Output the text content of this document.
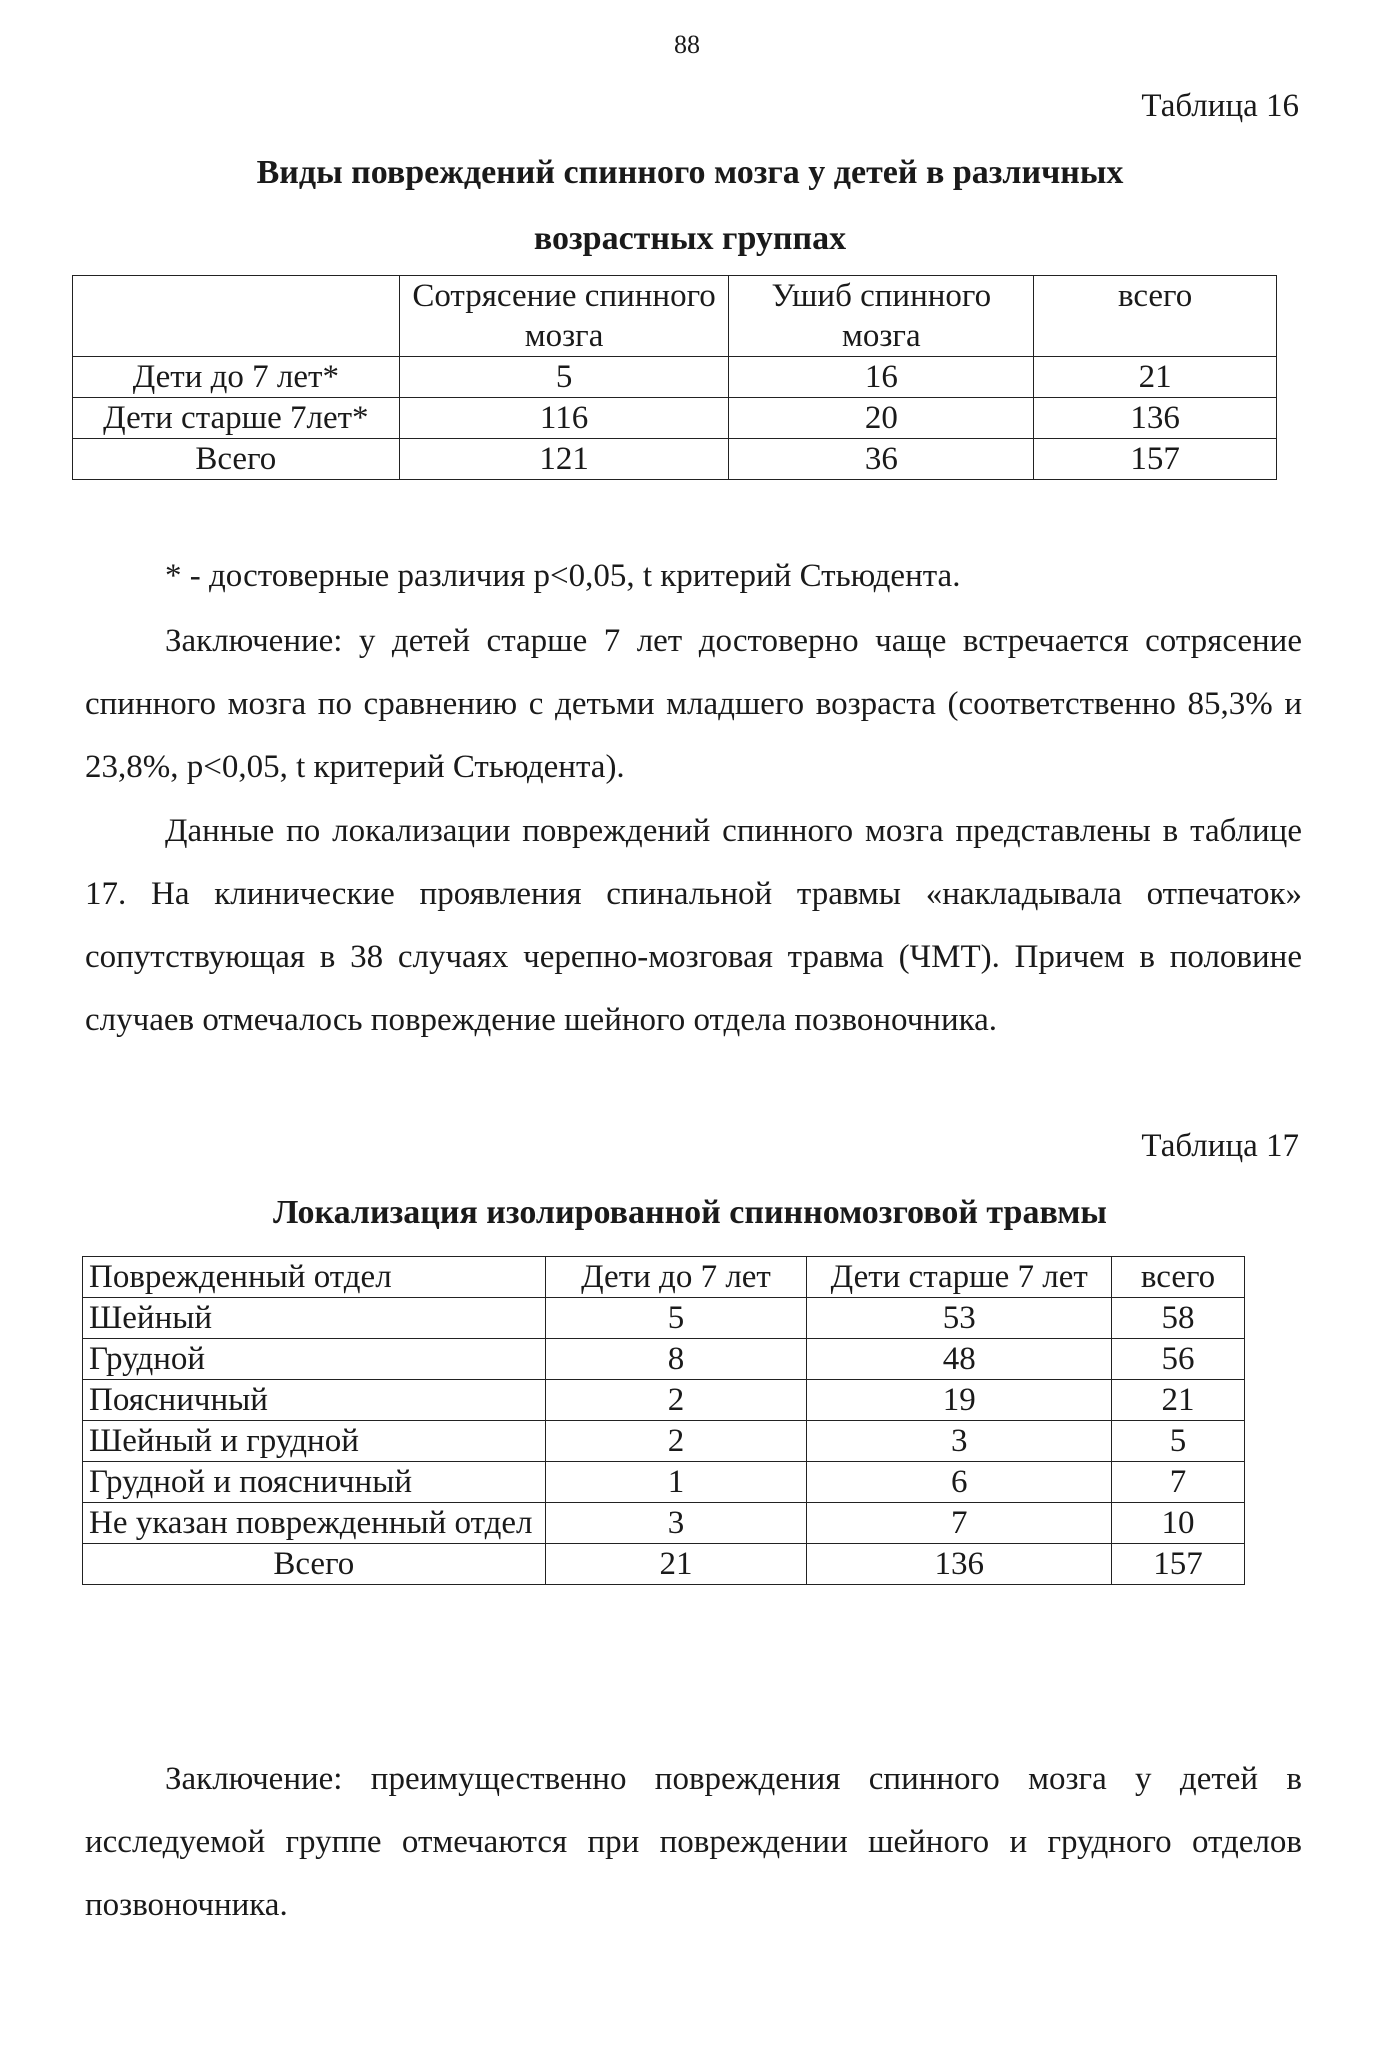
88
Таблица 16
Виды повреждений спинного мозга у детей в различных
возрастных группах
	Сотрясение спинного мозга	Ушиб спинного мозга	всего
Дети до 7 лет*	5	16	21
Дети старше 7лет*	116	20	136
Всего	121	36	157
* - достоверные различия p<0,05, t критерий Стьюдента.
Заключение: у детей старше 7 лет достоверно чаще встречается сотрясение спинного мозга по сравнению с детьми младшего возраста (соответственно 85,3% и 23,8%, p<0,05, t критерий Стьюдента).
Данные по локализации повреждений спинного мозга представлены в таблице 17. На клинические проявления спинальной травмы «накладывала отпечаток» сопутствующая в 38 случаях черепно-мозговая травма (ЧМТ). Причем в половине случаев отмечалось повреждение шейного отдела позвоночника.
Таблица 17
Локализация изолированной спинномозговой травмы
Поврежденный отдел	Дети до 7 лет	Дети старше 7 лет	всего
Шейный	5	53	58
Грудной	8	48	56
Поясничный	2	19	21
Шейный и грудной	2	3	5
Грудной и поясничный	1	6	7
Не указан поврежденный отдел	3	7	10
Всего	21	136	157
Заключение: преимущественно повреждения спинного мозга у детей в исследуемой группе отмечаются при повреждении шейного и грудного отделов позвоночника.
